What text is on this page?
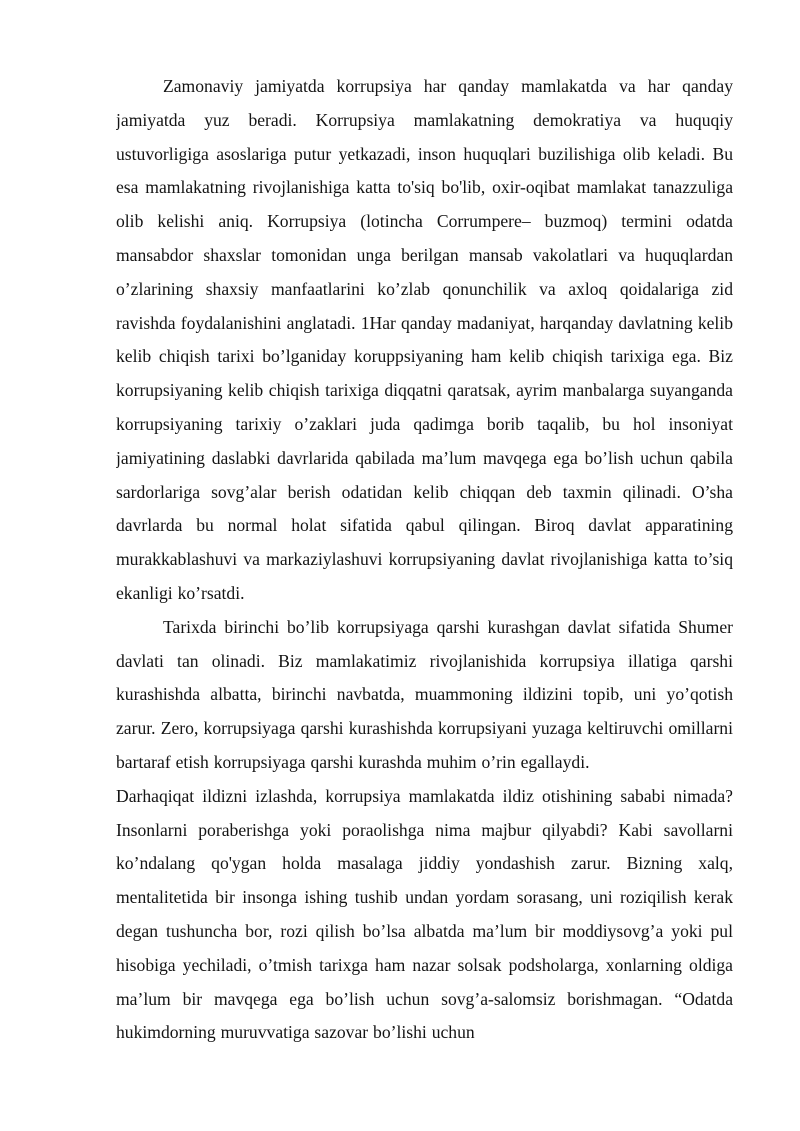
Zamonaviy jamiyatda korrupsiya har qanday mamlakatda va har qanday jamiyatda yuz beradi. Korrupsiya mamlakatning demokratiya va huquqiy ustuvorligiga asoslariga putur yetkazadi, inson huquqlari buzilishiga olib keladi. Bu esa mamlakatning rivojlanishiga katta to'siq bo'lib, oxir-oqibat mamlakat tanazzuliga olib kelishi aniq. Korrupsiya (lotincha Corrumpere– buzmoq) termini odatda mansabdor shaxslar tomonidan unga berilgan mansab vakolatlari va huquqlardan o’zlarining shaxsiy manfaatlarini ko’zlab qonunchilik va axloq qoidalariga zid ravishda foydalanishini anglatadi. 1Har qanday madaniyat, harqanday davlatning kelib kelib chiqish tarixi bo’lganiday koruppsiyaning ham kelib chiqish tarixiga ega. Biz korrupsiyaning kelib chiqish tarixiga diqqatni qaratsak, ayrim manbalarga suyanganda korrupsiyaning tarixiy o’zaklari juda qadimga borib taqalib, bu hol insoniyat jamiyatining daslabki davrlarida qabilada ma’lum mavqega ega bo’lish uchun qabila sardorlariga sovg’alar berish odatidan kelib chiqqan deb taxmin qilinadi. O’sha davrlarda bu normal holat sifatida qabul qilingan. Biroq davlat apparatining murakkablashuvi va markaziylashuvi korrupsiyaning davlat rivojlanishiga katta to’siq ekanligi ko’rsatdi.

Tarixda birinchi bo’lib korrupsiyaga qarshi kurashgan davlat sifatida Shumer davlati tan olinadi. Biz mamlakatimiz rivojlanishida korrupsiya illatiga qarshi kurashishda albatta, birinchi navbatda, muammoning ildizini topib, uni yo’qotish zarur. Zero, korrupsiyaga qarshi kurashishda korrupsiyani yuzaga keltiruvchi omillarni bartaraf etish korrupsiyaga qarshi kurashda muhim o’rin egallaydi.

Darhaqiqat ildizni izlashda, korrupsiya mamlakatda ildiz otishining sababi nimada? Insonlarni poraberishga yoki poraolishga nima majbur qilyabdi? Kabi savollarni ko’ndalang qo'ygan holda masalaga jiddiy yondashish zarur. Bizning xalq, mentalitetida bir insonga ishing tushib undan yordam sorasang, uni roziqilish kerak degan tushuncha bor, rozi qilish bo’lsa albatda ma’lum bir moddiysovg’a yoki pul hisobiga yechiladi, o’tmish tarixga ham nazar solsak podsholarga, xonlarning oldiga ma’lum bir mavqega ega bo’lish uchun sovg’a-salomsiz borishmagan. “Odatda hukimdorning muruvvatiga sazovar bo’lishi uchun
